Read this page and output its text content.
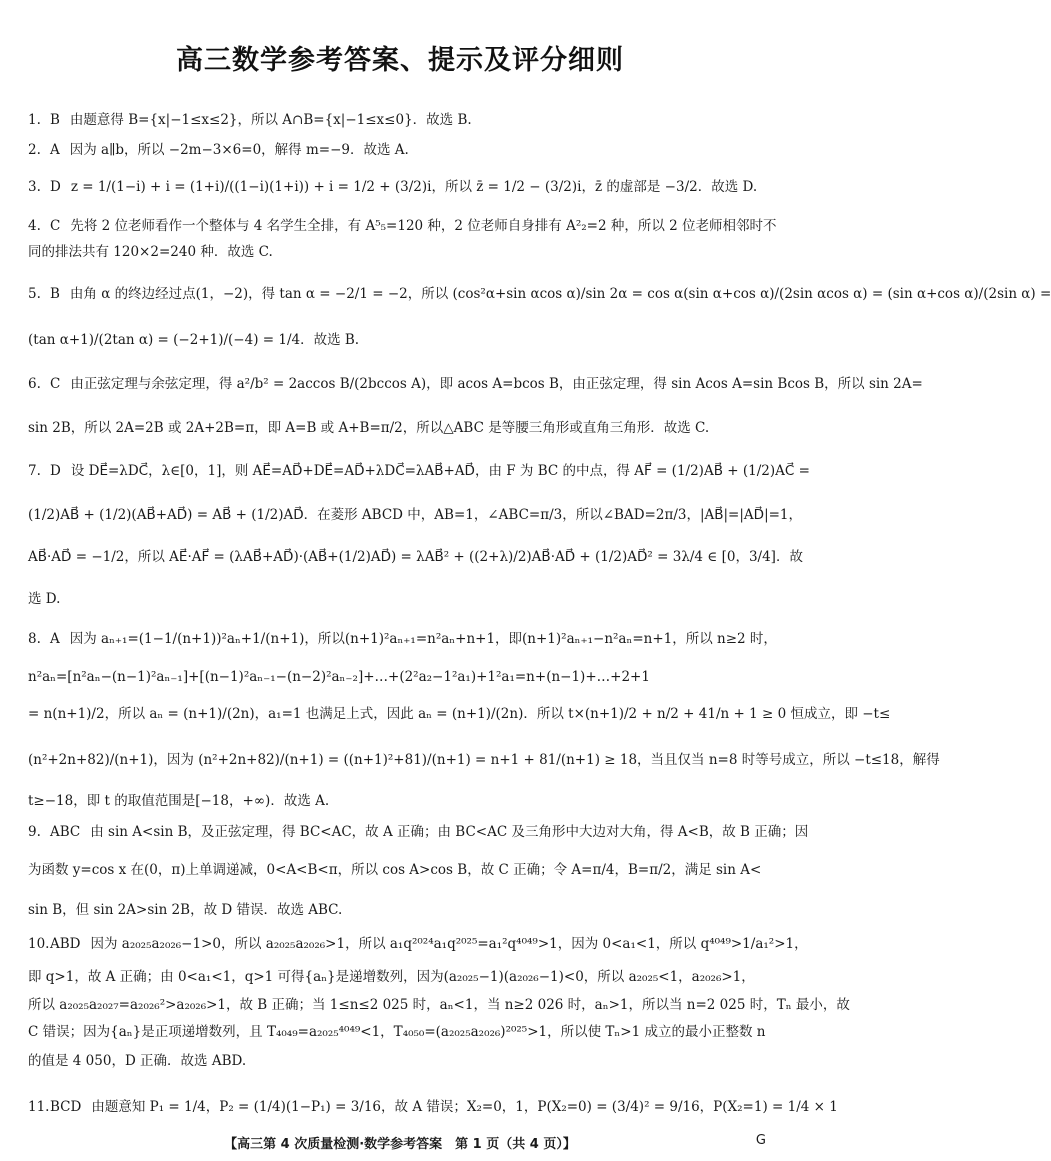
高三数学参考答案、提示及评分细则
1. B 由题意得 B={x|−1≤x≤2}，所以 A∩B={x|−1≤x≤0}．故选 B.
2. A 因为 a∥b，所以 −2m−3×6=0，解得 m=−9．故选 A.
3. D z = 1/(1−i) + i = (1+i)/((1−i)(1+i)) + i = 1/2 + (3/2)i，所以 z̄ = 1/2 − (3/2)i，z̄ 的虚部是 −3/2．故选 D.
4. C 先将 2 位老师看作一个整体与 4 名学生全排，有 A⁵₅=120 种，2 位老师自身排有 A²₂=2 种，所以 2 位老师相邻时不
同的排法共有 120×2=240 种．故选 C.
5. B 由角 α 的终边经过点(1，−2)，得 tan α = −2/1 = −2，所以 (cos²α+sin αcos α)/sin 2α = cos α(sin α+cos α)/(2sin αcos α) = (sin α+cos α)/(2sin α) =
(tan α+1)/(2tan α) = (−2+1)/(−4) = 1/4．故选 B.
6. C 由正弦定理与余弦定理，得 a²/b² = 2accos B/(2bccos A)，即 acos A=bcos B，由正弦定理，得 sin Acos A=sin Bcos B，所以 sin 2A=
sin 2B，所以 2A=2B 或 2A+2B=π，即 A=B 或 A+B=π/2，所以△ABC 是等腰三角形或直角三角形．故选 C.
7. D 设 DE⃗=λDC⃗，λ∈[0，1]，则 AE⃗=AD⃗+DE⃗=AD⃗+λDC⃗=λAB⃗+AD⃗，由 F 为 BC 的中点，得 AF⃗ = (1/2)AB⃗ + (1/2)AC⃗ =
(1/2)AB⃗ + (1/2)(AB⃗+AD⃗) = AB⃗ + (1/2)AD⃗．在菱形 ABCD 中，AB=1，∠ABC=π/3，所以∠BAD=2π/3，|AB⃗|=|AD⃗|=1，
AB⃗·AD⃗ = −1/2，所以 AE⃗·AF⃗ = (λAB⃗+AD⃗)·(AB⃗+(1/2)AD⃗) = λAB⃗² + ((2+λ)/2)AB⃗·AD⃗ + (1/2)AD⃗² = 3λ/4 ∈ [0，3/4]．故
选 D.
8. A 因为 aₙ₊₁=(1−1/(n+1))²aₙ+1/(n+1)，所以(n+1)²aₙ₊₁=n²aₙ+n+1，即(n+1)²aₙ₊₁−n²aₙ=n+1，所以 n≥2 时，
n²aₙ=[n²aₙ−(n−1)²aₙ₋₁]+[(n−1)²aₙ₋₁−(n−2)²aₙ₋₂]+…+(2²a₂−1²a₁)+1²a₁=n+(n−1)+…+2+1
= n(n+1)/2，所以 aₙ = (n+1)/(2n)，a₁=1 也满足上式，因此 aₙ = (n+1)/(2n)．所以 t×(n+1)/2 + n/2 + 41/n + 1 ≥ 0 恒成立，即 −t≤
(n²+2n+82)/(n+1)，因为 (n²+2n+82)/(n+1) = ((n+1)²+81)/(n+1) = n+1 + 81/(n+1) ≥ 18，当且仅当 n=8 时等号成立，所以 −t≤18，解得
t≥−18，即 t 的取值范围是[−18，+∞)．故选 A.
9. ABC 由 sin A<sin B，及正弦定理，得 BC<AC，故 A 正确；由 BC<AC 及三角形中大边对大角，得 A<B，故 B 正确；因
为函数 y=cos x 在(0，π)上单调递减，0<A<B<π，所以 cos A>cos B，故 C 正确；令 A=π/4，B=π/2，满足 sin A<
sin B，但 sin 2A>sin 2B，故 D 错误．故选 ABC.
10.ABD 因为 a₂₀₂₅a₂₀₂₆−1>0，所以 a₂₀₂₅a₂₀₂₆>1，所以 a₁q²⁰²⁴a₁q²⁰²⁵=a₁²q⁴⁰⁴⁹>1，因为 0<a₁<1，所以 q⁴⁰⁴⁹>1/a₁²>1，
即 q>1，故 A 正确；由 0<a₁<1，q>1 可得{aₙ}是递增数列，因为(a₂₀₂₅−1)(a₂₀₂₆−1)<0，所以 a₂₀₂₅<1，a₂₀₂₆>1，
所以 a₂₀₂₅a₂₀₂₇=a₂₀₂₆²>a₂₀₂₆>1，故 B 正确；当 1≤n≤2 025 时，aₙ<1，当 n≥2 026 时，aₙ>1，所以当 n=2 025 时，Tₙ 最小，故
C 错误；因为{aₙ}是正项递增数列，且 T₄₀₄₉=a₂₀₂₅⁴⁰⁴⁹<1，T₄₀₅₀=(a₂₀₂₅a₂₀₂₆)²⁰²⁵>1，所以使 Tₙ>1 成立的最小正整数 n
的值是 4 050，D 正确．故选 ABD.
11.BCD 由题意知 P₁ = 1/4，P₂ = (1/4)(1−P₁) = 3/16，故 A 错误；X₂=0，1，P(X₂=0) = (3/4)² = 9/16，P(X₂=1) = 1/4 × 1
【高三第 4 次质量检测·数学参考答案　第 1 页（共 4 页）】	G
